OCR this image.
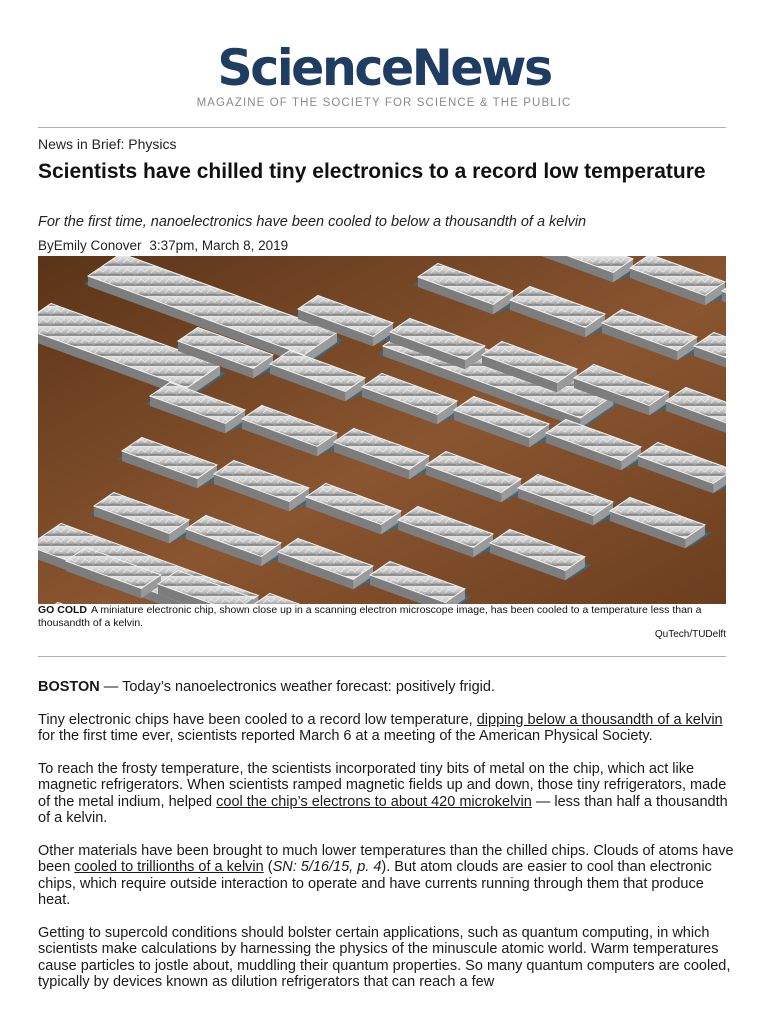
ScienceNews
MAGAZINE OF THE SOCIETY FOR SCIENCE & THE PUBLIC
News in Brief: Physics
Scientists have chilled tiny electronics to a record low temperature

For the first time, nanoelectronics have been cooled to below a thousandth of a kelvin

ByEmily Conover 3:37pm, March 8, 2019
GO COLD A miniature electronic chip, shown close up in a scanning electron microscope image, has been cooled to a temperature less than a thousandth of a kelvin.
QuTech/TUDelft

BOSTON — Today’s nanoelectronics weather forecast: positively frigid.

Tiny electronic chips have been cooled to a record low temperature, dipping below a thousandth of a kelvin for the first time ever, scientists reported March 6 at a meeting of the American Physical Society.

To reach the frosty temperature, the scientists incorporated tiny bits of metal on the chip, which act like magnetic refrigerators. When scientists ramped magnetic fields up and down, those tiny refrigerators, made of the metal indium, helped cool the chip’s electrons to about 420 microkelvin — less than half a thousandth of a kelvin.

Other materials have been brought to much lower temperatures than the chilled chips. Clouds of atoms have been cooled to trillionths of a kelvin (SN: 5/16/15, p. 4). But atom clouds are easier to cool than electronic chips, which require outside interaction to operate and have currents running through them that produce heat.

Getting to supercold conditions should bolster certain applications, such as quantum computing, in which scientists make calculations by harnessing the physics of the minuscule atomic world. Warm temperatures cause particles to jostle about, muddling their quantum properties. So many quantum computers are cooled, typically by devices known as dilution refrigerators that can reach a few
